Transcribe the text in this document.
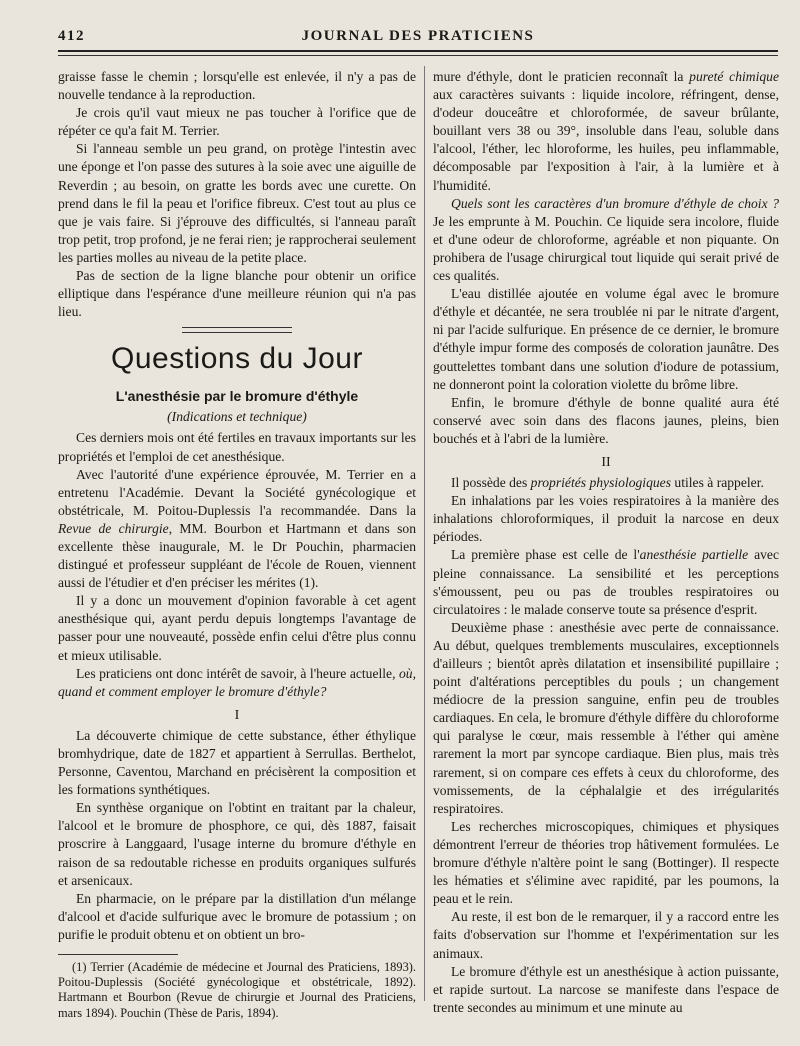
412	JOURNAL DES PRATICIENS

graisse fasse le chemin ; lorsqu'elle est enlevée, il n'y a pas de nouvelle tendance à la reproduction.

Je crois qu'il vaut mieux ne pas toucher à l'orifice que de répéter ce qu'a fait M. Terrier.

Si l'anneau semble un peu grand, on protège l'intestin avec une éponge et l'on passe des sutures à la soie avec une aiguille de Reverdin ; au besoin, on gratte les bords avec une curette. On prend dans le fil la peau et l'orifice fibreux. C'est tout au plus ce que je vais faire. Si j'éprouve des difficultés, si l'anneau paraît trop petit, trop profond, je ne ferai rien; je rapprocherai seulement les parties molles au niveau de la petite place.

Pas de section de la ligne blanche pour obtenir un orifice elliptique dans l'espérance d'une meilleure réunion qui n'a pas lieu.

Questions du Jour
L'anesthésie par le bromure d'éthyle
(Indications et technique)

Ces derniers mois ont été fertiles en travaux importants sur les propriétés et l'emploi de cet anesthésique.

Avec l'autorité d'une expérience éprouvée, M. Terrier en a entretenu l'Académie. Devant la Société gynécologique et obstétricale, M. Poitou-Duplessis l'a recommandée. Dans la Revue de chirurgie, MM. Bourbon et Hartmann et dans son excellente thèse inaugurale, M. le Dr Pouchin, pharmacien distingué et professeur suppléant de l'école de Rouen, viennent aussi de l'étudier et d'en préciser les mérites (1).

Il y a donc un mouvement d'opinion favorable à cet agent anesthésique qui, ayant perdu depuis longtemps l'avantage de passer pour une nouveauté, possède enfin celui d'être plus connu et mieux utilisable.

Les praticiens ont donc intérêt de savoir, à l'heure actuelle, où, quand et comment employer le bromure d'éthyle?

I

La découverte chimique de cette substance, éther éthylique bromhydrique, date de 1827 et appartient à Serrullas. Berthelot, Personne, Caventou, Marchand en précisèrent la composition et les formations synthétiques.

En synthèse organique on l'obtint en traitant par la chaleur, l'alcool et le bromure de phosphore, ce qui, dès 1887, faisait proscrire à Langgaard, l'usage interne du bromure d'éthyle en raison de sa redoutable richesse en produits organiques sulfurés et arsenicaux.

En pharmacie, on le prépare par la distillation d'un mélange d'alcool et d'acide sulfurique avec le bromure de potassium ; on purifie le produit obtenu et on obtient un bro-

(1) Terrier (Académie de médecine et Journal des Praticiens, 1893). Poitou-Duplessis (Société gynécologique et obstétricale, 1892). Hartmann et Bourbon (Revue de chirurgie et Journal des Praticiens, mars 1894). Pouchin (Thèse de Paris, 1894).

mure d'éthyle, dont le praticien reconnaît la pureté chimique aux caractères suivants : liquide incolore, réfringent, dense, d'odeur douceâtre et chloroformée, de saveur brûlante, bouillant vers 38 ou 39°, insoluble dans l'eau, soluble dans l'alcool, l'éther, lec hloroforme, les huiles, peu inflammable, décomposable par l'exposition à l'air, à la lumière et à l'humidité.

Quels sont les caractères d'un bromure d'éthyle de choix ? Je les emprunte à M. Pouchin. Ce liquide sera incolore, fluide et d'une odeur de chloroforme, agréable et non piquante. On prohibera de l'usage chirurgical tout liquide qui serait privé de ces qualités.

L'eau distillée ajoutée en volume égal avec le bromure d'éthyle et décantée, ne sera troublée ni par le nitrate d'argent, ni par l'acide sulfurique. En présence de ce dernier, le bromure d'éthyle impur forme des composés de coloration jaunâtre. Des gouttelettes tombant dans une solution d'iodure de potassium, ne donneront point la coloration violette du brôme libre.

Enfin, le bromure d'éthyle de bonne qualité aura été conservé avec soin dans des flacons jaunes, pleins, bien bouchés et à l'abri de la lumière.

II

Il possède des propriétés physiologiques utiles à rappeler.

En inhalations par les voies respiratoires à la manière des inhalations chloroformiques, il produit la narcose en deux périodes.

La première phase est celle de l'anesthésie partielle avec pleine connaissance. La sensibilité et les perceptions s'émoussent, peu ou pas de troubles respiratoires ou circulatoires : le malade conserve toute sa présence d'esprit.

Deuxième phase : anesthésie avec perte de connaissance. Au début, quelques tremblements musculaires, exceptionnels d'ailleurs ; bientôt après dilatation et insensibilité pupillaire ; point d'altérations perceptibles du pouls ; un changement médiocre de la pression sanguine, enfin peu de troubles cardiaques. En cela, le bromure d'éthyle diffère du chloroforme qui paralyse le cœur, mais ressemble à l'éther qui amène rarement la mort par syncope cardiaque. Bien plus, mais très rarement, si on compare ces effets à ceux du chloroforme, des vomissements, de la céphalalgie et des irrégularités respiratoires.

Les recherches microscopiques, chimiques et physiques démontrent l'erreur de théories trop hâtivement formulées. Le bromure d'éthyle n'altère point le sang (Bottinger). Il respecte les hématies et s'élimine avec rapidité, par les poumons, la peau et le rein.

Au reste, il est bon de le remarquer, il y a raccord entre les faits d'observation sur l'homme et l'expérimentation sur les animaux.

Le bromure d'éthyle est un anesthésique à action puissante, et rapide surtout. La narcose se manifeste dans l'espace de trente secondes au minimum et une minute au
